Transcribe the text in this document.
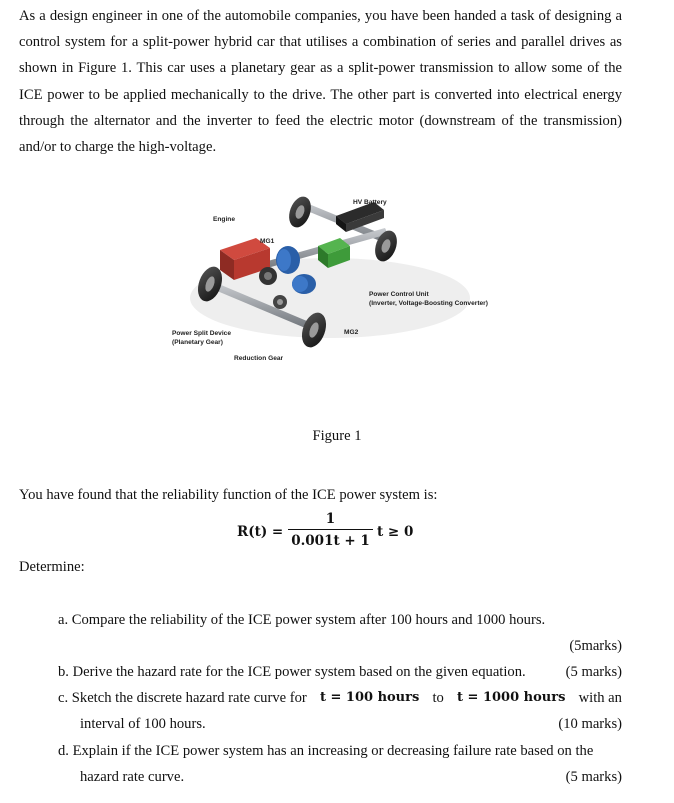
As a design engineer in one of the automobile companies, you have been handed a task of designing a control system for a split-power hybrid car that utilises a combination of series and parallel drives as shown in Figure 1. This car uses a planetary gear as a split-power transmission to allow some of the ICE power to be applied mechanically to the drive. The other part is converted into electrical energy through the alternator and the inverter to feed the electric motor (downstream of the transmission) and/or to charge the high-voltage.

Engine
MG1
HV Battery
Power Control Unit
(Inverter, Voltage-Boosting Converter)
MG2
Power Split Device
(Planetary Gear)
Reduction Gear
Figure 1
You have found that the reliability function of the ICE power system is:
R(t) =
1
0.001t + 1
t ≥ 0
Determine:
a. Compare the reliability of the ICE power system after 100 hours and 1000 hours.
(5marks)
b. Derive the hazard rate for the ICE power system based on the given equation.	(5 marks)
c. Sketch the discrete hazard rate curve for t = 100 hours to t = 1000 hours with an
interval of 100 hours.	(10 marks)
d. Explain if the ICE power system has an increasing or decreasing failure rate based on the
hazard rate curve.	(5 marks)
